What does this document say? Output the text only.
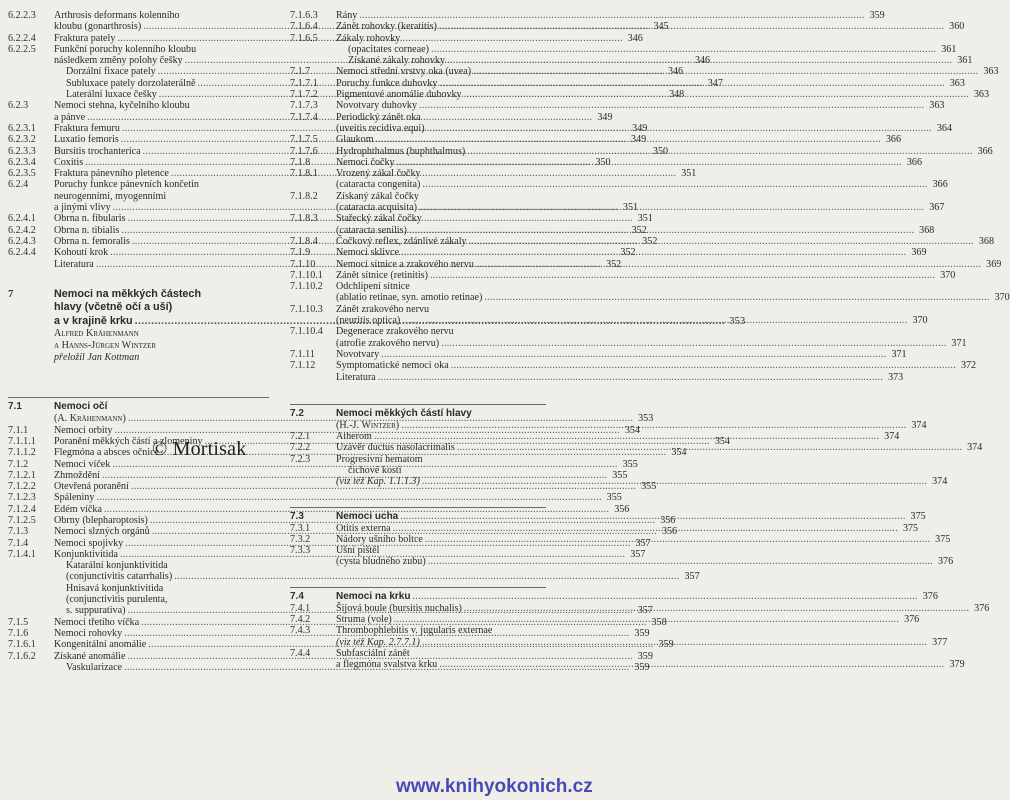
6.2.2.3	Arthrosis deformans kolenního
kloubu (gonarthrosis) .....	345
6.2.2.4	Fraktura pately .....	346
6.2.2.5	Funkční poruchy kolenního kloubu
následkem změny polohy češky .....	346
Dorzální fixace pately .....	346
Subluxace pately dorzolaterálně .....	347
Laterální luxace češky .....	348
6.2.3	Nemoci stehna, kyčelního kloubu
a pánve .....	349
6.2.3.1	Fraktura femuru .....	349
6.2.3.2	Luxatio femoris .....	349
6.2.3.3	Bursitis trochanterica .....	350
6.2.3.4	Coxitis .....	350
6.2.3.5	Fraktura pánevního pletence .....	351
6.2.4	Poruchy funkce pánevních končetin
neurogenními, myogenními
a jinými vlivy .....	351
6.2.4.1	Obrna n. fibularis .....	351
6.2.4.2	Obrna n. tibialis .....	352
6.2.4.3	Obrna n. femoralis .....	352
6.2.4.4	Kohoutí krok .....	352
Literatura .....	352
7	Nemoci na měkkých částech
hlavy (včetně očí a uší)
a v krajině krku .....	353
Alfred Krähenmann
a Hanns-Jürgen Wintzer
přeložil Jan Kottman
7.1	Nemoci očí
(A. Krähenmann) .....	353
7.1.1	Nemoci orbity .....	354
7.1.1.1	Poranění měkkých částí a zlomeniny .....	354
7.1.1.2	Flegmóna a absces očnice .....	354
7.1.2	Nemoci víček .....	355
7.1.2.1	Zhmoždění .....	355
7.1.2.2	Otevřená poranění .....	355
7.1.2.3	Spáleniny .....	355
7.1.2.4	Edém víčka .....	356
7.1.2.5	Obrny (blepharoptosis) .....	356
7.1.3	Nemoci slzných orgánů .....	356
7.1.4	Nemoci spojivky .....	357
7.1.4.1	Konjunktivitida .....	357
Katarální konjunktivitida
(conjunctivitis catarrhalis) .....	357
Hnisavá konjunktivitida
(conjunctivitis purulenta,
s. suppurativa) .....	357
7.1.5	Nemoci třetího víčka .....	358
7.1.6	Nemoci rohovky .....	359
7.1.6.1	Kongenitální anomálie .....	359
7.1.6.2	Získané anomálie .....	359
Vaskularizace .....	359
7.1.6.3	Rány .....	359
7.1.6.4	Zánět rohovky (keratitis) .....	360
7.1.6.5	Zákaly rohovky
(opacitates corneae) .....	361
Získané zákaly rohovky .....	361
7.1.7	Nemoci střední vrstvy oka (uvea) .....	363
7.1.7.1	Poruchy funkce duhovky .....	363
7.1.7.2	Pigmentové anomálie duhovky .....	363
7.1.7.3	Novotvary duhovky .....	363
7.1.7.4	Periodický zánět oka
(uveitis recidiva equi) .....	364
7.1.7.5	Glaukom .....	366
7.1.7.6	Hydrophthalmus (buphthalmus) .....	366
7.1.8	Nemoci čočky .....	366
7.1.8.1	Vrozený zákal čočky
(cataracta congenita) .....	366
7.1.8.2	Získaný zákal čočky
(cataracta acquisita) .....	367
7.1.8.3	Stařecký zákal čočky
(cataracta senilis) .....	368
7.1.8.4	Čočkový reflex, zdánlivé zákaly .....	368
7.1.9	Nemoci sklivce .....	369
7.1.10	Nemoci sítnice a zrakového nervu .....	369
7.1.10.1	Zánět sítnice (retinitis) .....	370
7.1.10.2	Odchlipení sítnice
(ablatio retinae, syn. amotio retinae) .....	370
7.1.10.3	Zánět zrakového nervu
(neuritis optica) .....	370
7.1.10.4	Degenerace zrakového nervu
(atrofie zrakového nervu) .....	371
7.1.11	Novotvary .....	371
7.1.12	Symptomatické nemoci oka .....	372
Literatura .....	373
7.2	Nemoci měkkých částí hlavy
(H.-J. Wintzer) .....	374
7.2.1	Atherom .....	374
7.2.2	Uzávěr ductus nasolacrimalis .....	374
7.2.3	Progresivní hematom
čichové kosti
(viz též Kap. 1.1.1.3) .....	374
7.3	Nemoci ucha .....	375
7.3.1	Otitis externa .....	375
7.3.2	Nádory ušního boltce .....	375
7.3.3	Ušní píštěl
(cysta bludného zubu) .....	376
7.4	Nemoci na krku .....	376
7.4.1	Šijová boule (bursitis nuchalis) .....	376
7.4.2	Struma (vole) .....	376
7.4.3	Thrombophlebitis v. jugularis externae
(viz též Kap. 2.7.7.1) .....	377
7.4.4	Subfasciální zánět
a flegmóna svalstva krku .....	379
© Mortisak
www.knihyokonich.cz
